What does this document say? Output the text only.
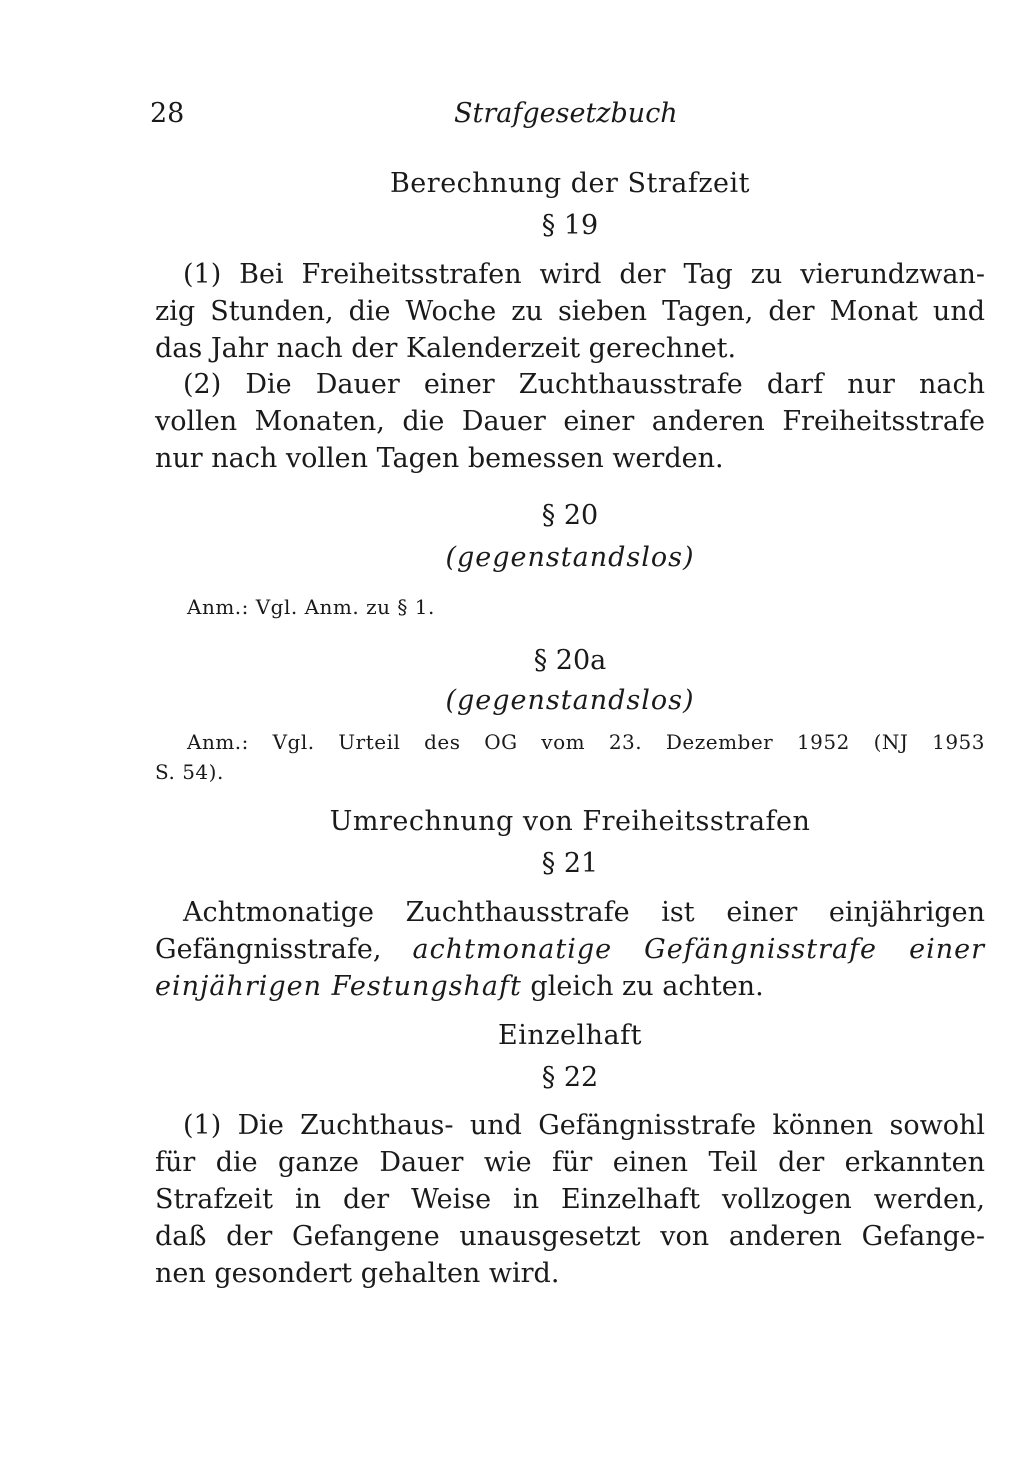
28	Strafgesetzbuch
Berechnung der Strafzeit
§ 19
(1) Bei Freiheitsstrafen wird der Tag zu vierundzwan-
zig Stunden, die Woche zu sieben Tagen, der Monat und
das Jahr nach der Kalenderzeit gerechnet.
(2) Die Dauer einer Zuchthausstrafe darf nur nach
vollen Monaten, die Dauer einer anderen Freiheitsstrafe
nur nach vollen Tagen bemessen werden.
§ 20
(gegenstandslos)
Anm.: Vgl. Anm. zu § 1.
§ 20a
(gegenstandslos)
Anm.: Vgl. Urteil des OG vom 23. Dezember 1952 (NJ 1953
S. 54).
Umrechnung von Freiheitsstrafen
§ 21
Achtmonatige Zuchthausstrafe ist einer einjährigen
Gefängnisstrafe, achtmonatige Gefängnisstrafe einer
einjährigen Festungshaft gleich zu achten.
Einzelhaft
§ 22
(1) Die Zuchthaus- und Gefängnisstrafe können sowohl
für die ganze Dauer wie für einen Teil der erkannten
Strafzeit in der Weise in Einzelhaft vollzogen werden,
daß der Gefangene unausgesetzt von anderen Gefange-
nen gesondert gehalten wird.
